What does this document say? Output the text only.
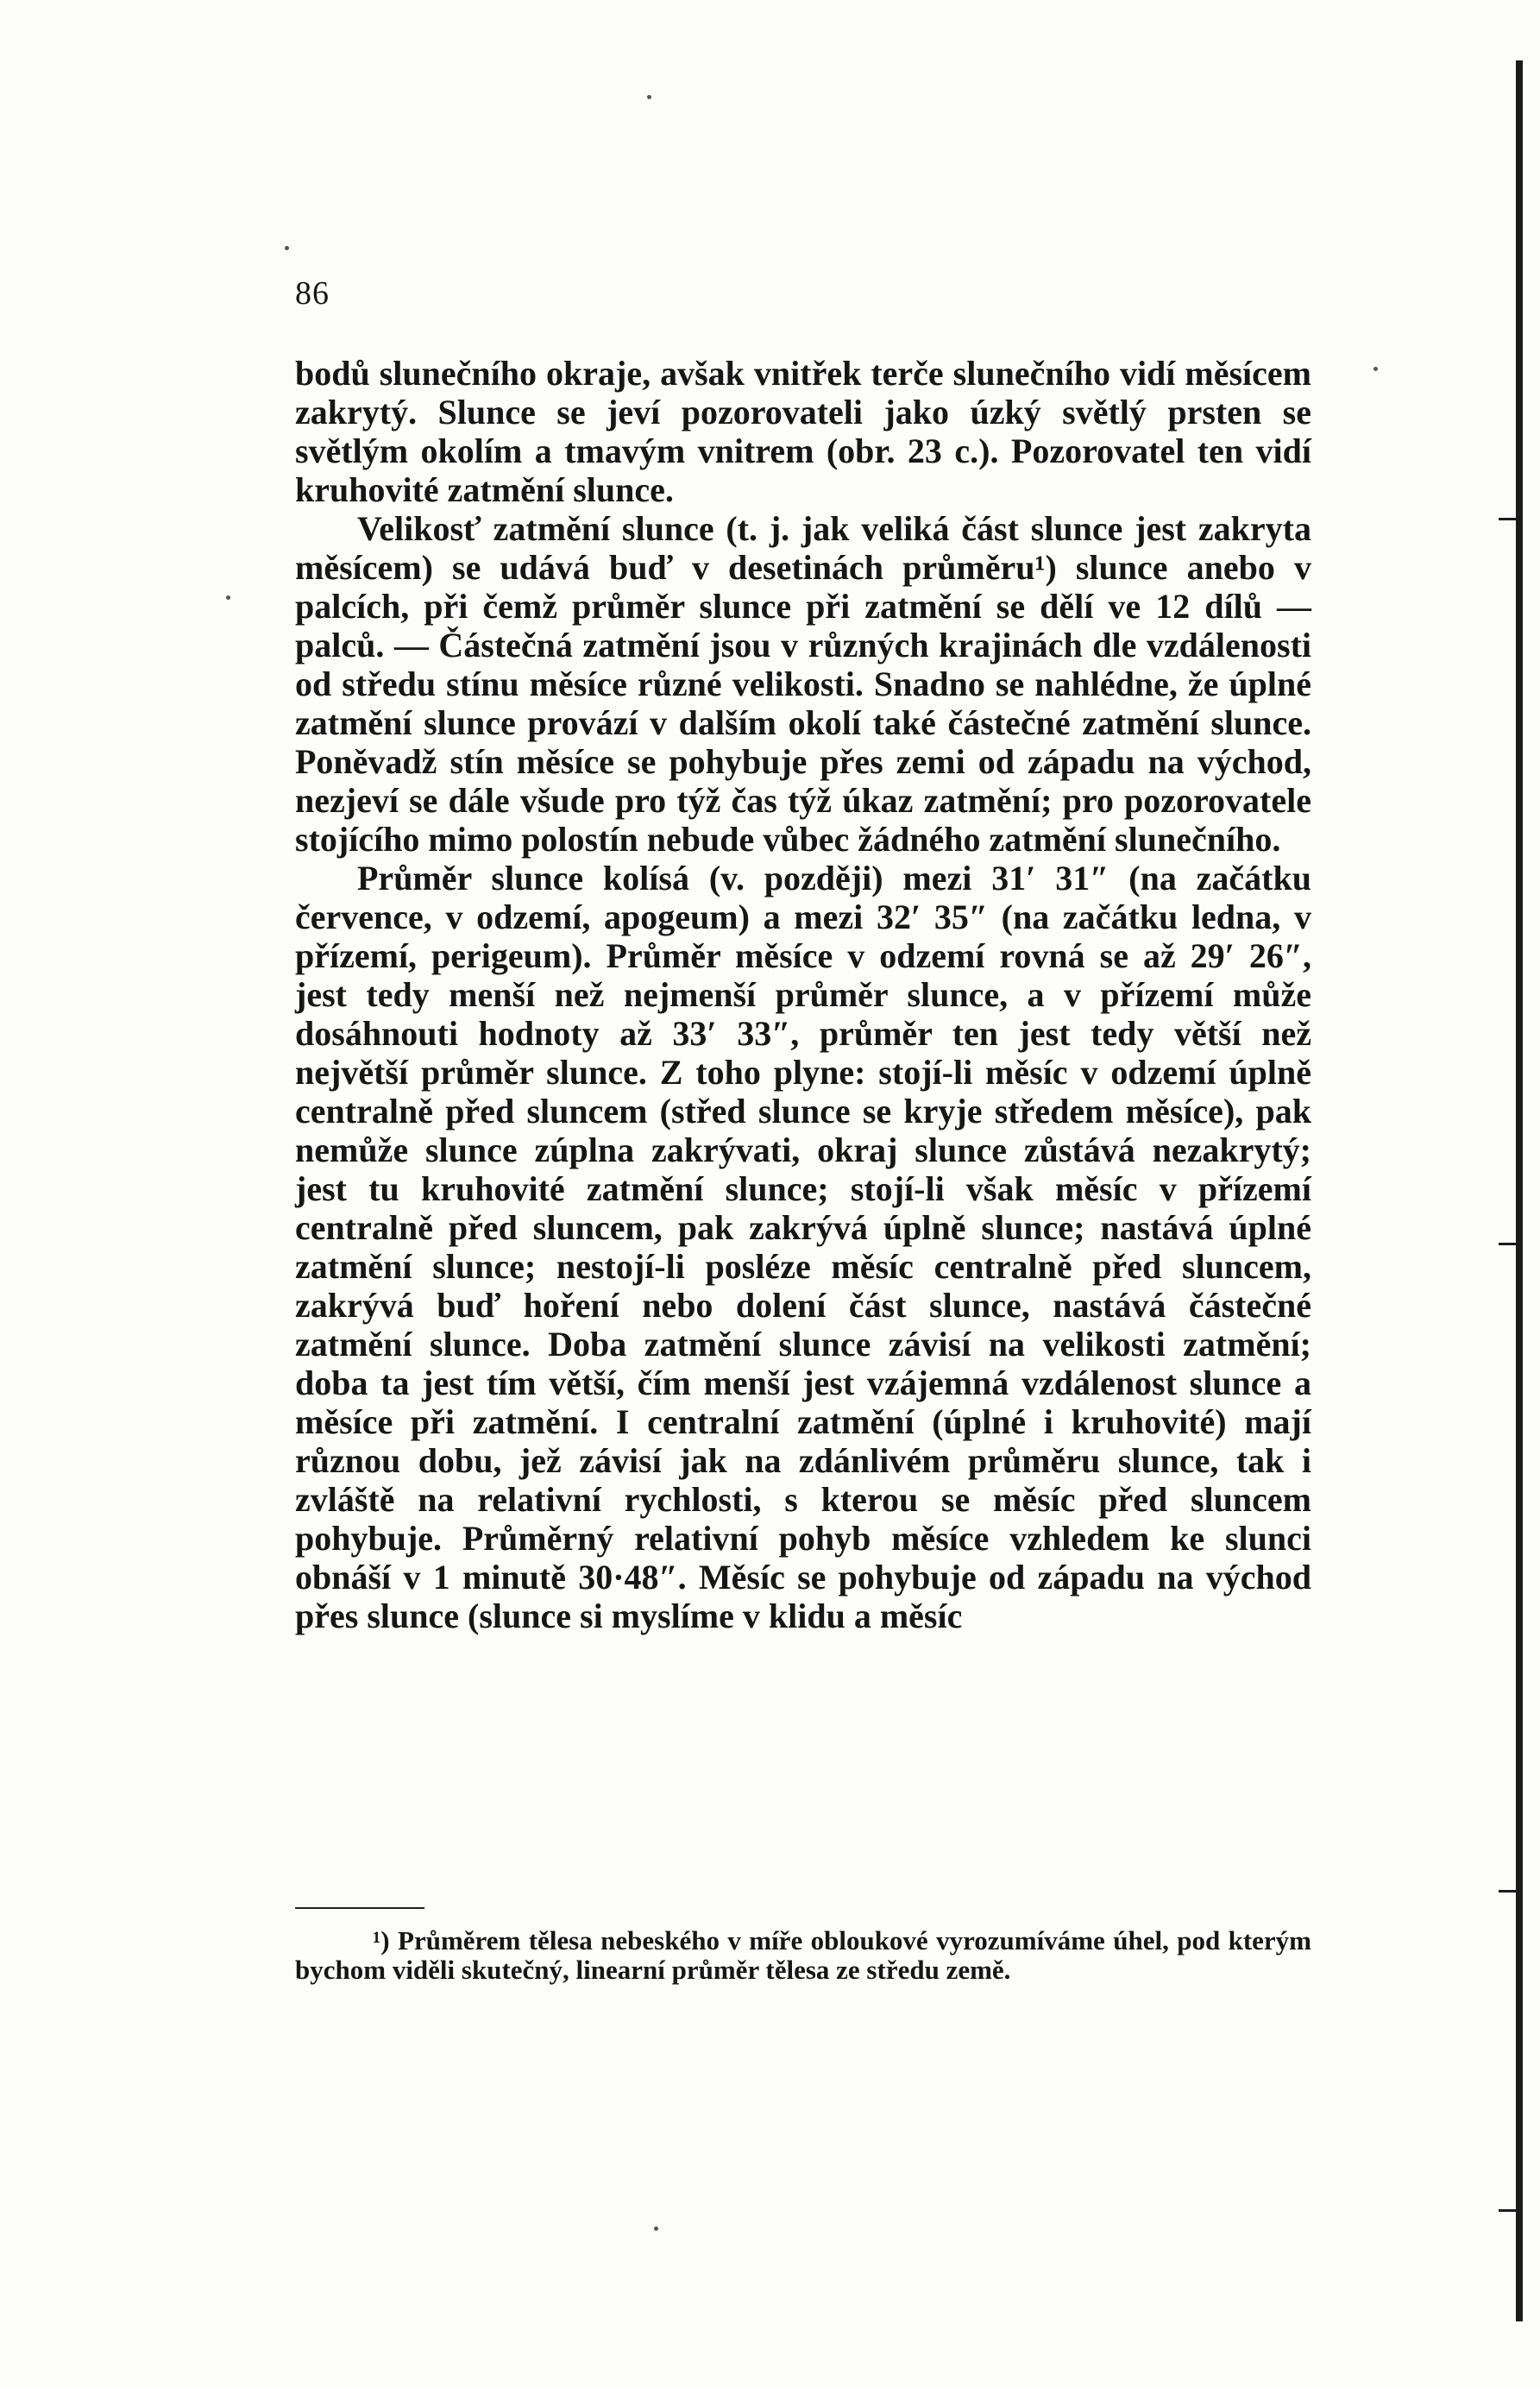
86

bodů slunečního okraje, avšak vnitřek terče slunečního vidí měsícem zakrytý. Slunce se jeví pozorovateli jako úzký světlý prsten se světlým okolím a tmavým vnitrem (obr. 23 c.). Pozorovatel ten vidí kruhovité zatmění slunce.

Velikosť zatmění slunce (t. j. jak veliká část slunce jest zakryta měsícem) se udává buď v desetinách průměru¹) slunce anebo v palcích, při čemž průměr slunce při zatmění se dělí ve 12 dílů — palců. — Částečná zatmění jsou v různých krajinách dle vzdálenosti od středu stínu měsíce různé velikosti. Snadno se nahlédne, že úplné zatmění slunce provází v dalším okolí také částečné zatmění slunce. Poněvadž stín měsíce se pohybuje přes zemi od západu na východ, nezjeví se dále všude pro týž čas týž úkaz zatmění; pro pozorovatele stojícího mimo polostín nebude vůbec žádného zatmění slunečního.

Průměr slunce kolísá (v. později) mezi 31′ 31″ (na začátku července, v odzemí, apogeum) a mezi 32′ 35″ (na začátku ledna, v přízemí, perigeum). Průměr měsíce v odzemí rovná se až 29′ 26″, jest tedy menší než nejmenší průměr slunce, a v přízemí může dosáhnouti hodnoty až 33′ 33″, průměr ten jest tedy větší než největší průměr slunce. Z toho plyne: stojí-li měsíc v odzemí úplně centralně před sluncem (střed slunce se kryje středem měsíce), pak nemůže slunce zúplna zakrývati, okraj slunce zůstává nezakrytý; jest tu kruhovité zatmění slunce; stojí-li však měsíc v přízemí centralně před sluncem, pak zakrývá úplně slunce; nastává úplné zatmění slunce; nestojí-li posléze měsíc centralně před sluncem, zakrývá buď hoření nebo dolení část slunce, nastává částečné zatmění slunce. Doba zatmění slunce závisí na velikosti zatmění; doba ta jest tím větší, čím menší jest vzájemná vzdálenost slunce a měsíce při zatmění. I centralní zatmění (úplné i kruhovité) mají různou dobu, jež závisí jak na zdánlivém průměru slunce, tak i zvláště na relativní rychlosti, s kterou se měsíc před sluncem pohybuje. Průměrný relativní pohyb měsíce vzhledem ke slunci obnáší v 1 minutě 30·48″. Měsíc se pohybuje od západu na východ přes slunce (slunce si myslíme v klidu a měsíc

¹) Průměrem tělesa nebeského v míře obloukové vyrozumíváme úhel, pod kterým bychom viděli skutečný, linearní průměr tělesa ze středu země.
